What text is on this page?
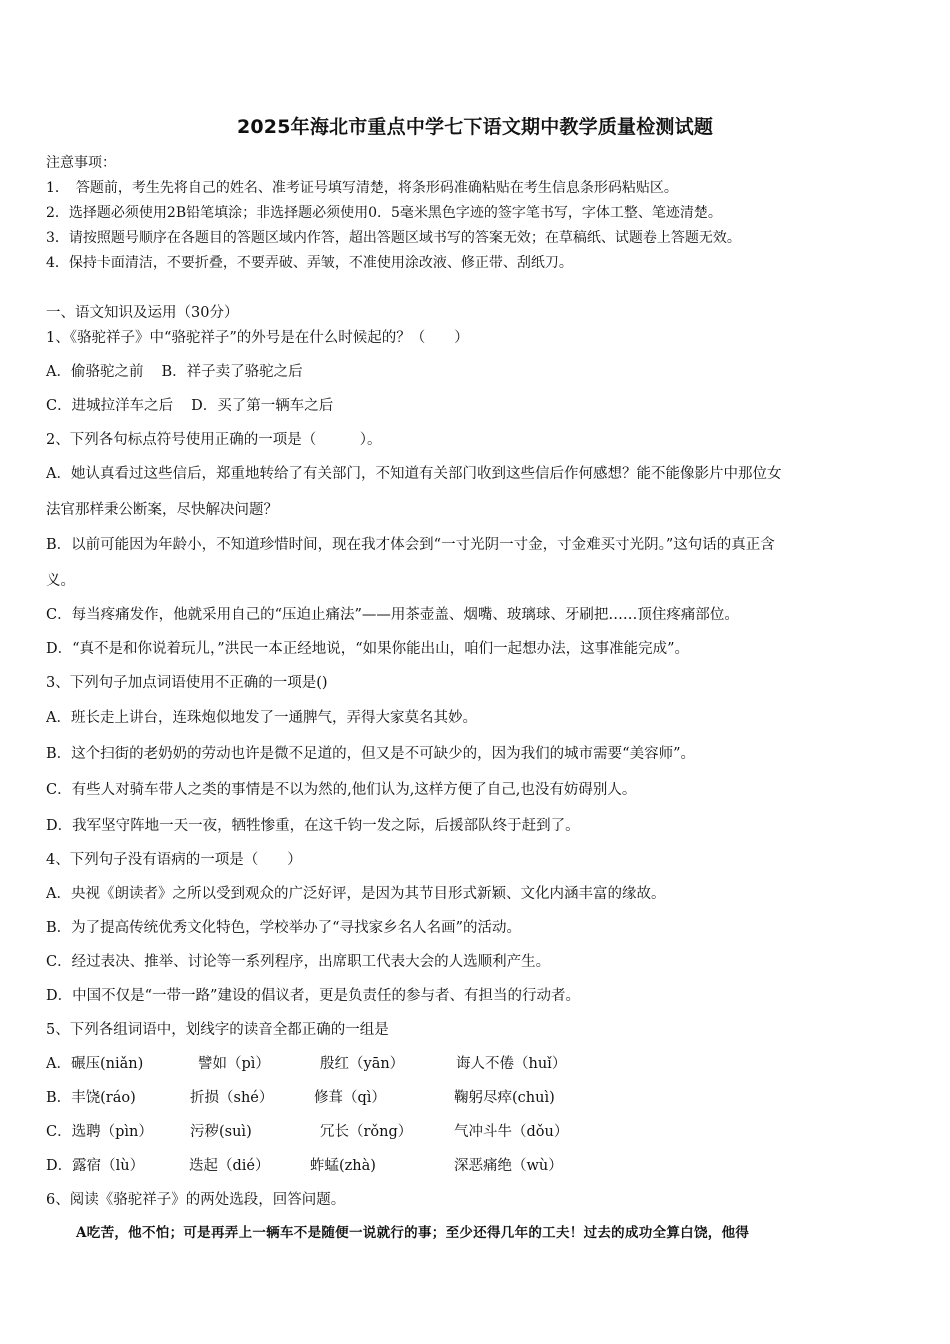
2025年海北市重点中学七下语文期中教学质量检测试题
注意事项：
1．　答题前，考生先将自己的姓名、准考证号填写清楚，将条形码准确粘贴在考生信息条形码粘贴区。
2．选择题必须使用2B铅笔填涂；非选择题必须使用0．5毫米黑色字迹的签字笔书写，字体工整、笔迹清楚。
3．请按照题号顺序在各题目的答题区域内作答，超出答题区域书写的答案无效；在草稿纸、试题卷上答题无效。
4．保持卡面清洁，不要折叠，不要弄破、弄皱，不准使用涂改液、修正带、刮纸刀。
一、语文知识及运用（30分）
1、《骆驼祥子》中“骆驼祥子”的外号是在什么时候起的？（　　）
A．偷骆驼之前 B．祥子卖了骆驼之后
C．进城拉洋车之后 D．买了第一辆车之后
2、下列各句标点符号使用正确的一项是（　　　）。
A．她认真看过这些信后，郑重地转给了有关部门，不知道有关部门收到这些信后作何感想？能不能像影片中那位女
法官那样秉公断案，尽快解决问题？
B．以前可能因为年龄小，不知道珍惜时间，现在我才体会到“一寸光阴一寸金，寸金难买寸光阴。”这句话的真正含
义。
C．每当疼痛发作，他就采用自己的“压迫止痛法”——用茶壶盖、烟嘴、玻璃球、牙刷把……顶住疼痛部位。
D．“真不是和你说着玩儿，”洪民一本正经地说，“如果你能出山，咱们一起想办法，这事准能完成”。
3、下列句子加点词语使用不正确的一项是()
A．班长走上讲台，连珠炮似地发了一通脾气，弄得大家莫名其妙。
B．这个扫街的老奶奶的劳动也许是微不足道的，但又是不可缺少的，因为我们的城市需要“美容师”。
C．有些人对骑车带人之类的事情是不以为然的,他们认为,这样方便了自己,也没有妨碍别人。
D．我军坚守阵地一天一夜，牺牲惨重，在这千钧一发之际，后援部队终于赶到了。
4、下列句子没有语病的一项是（　　）
A．央视《朗读者》之所以受到观众的广泛好评，是因为其节目形式新颖、文化内涵丰富的缘故。
B．为了提高传统优秀文化特色，学校举办了“寻找家乡名人名画”的活动。
C．经过表决、推举、讨论等一系列程序，出席职工代表大会的人选顺利产生。
D．中国不仅是“一带一路”建设的倡议者，更是负责任的参与者、有担当的行动者。
5、下列各组词语中，划线字的读音全都正确的一组是
A．碾压(niǎn)	譬如（pì）	殷红（yān）	诲人不倦（huǐ）
B．丰饶(ráo)	折损（shé）	修葺（qì）	鞠躬尽瘁(chuì)
C．选聘（pìn）	污秽(suì)	冗长（rǒng）	气冲斗牛（dǒu）
D．露宿（lù）	迭起（dié）	蚱蜢(zhà)	深恶痛绝（wù）
6、阅读《骆驼祥子》的两处选段，回答问题。
A吃苦，他不怕；可是再弄上一辆车不是随便一说就行的事；至少还得几年的工夫！过去的成功全算白饶，他得
